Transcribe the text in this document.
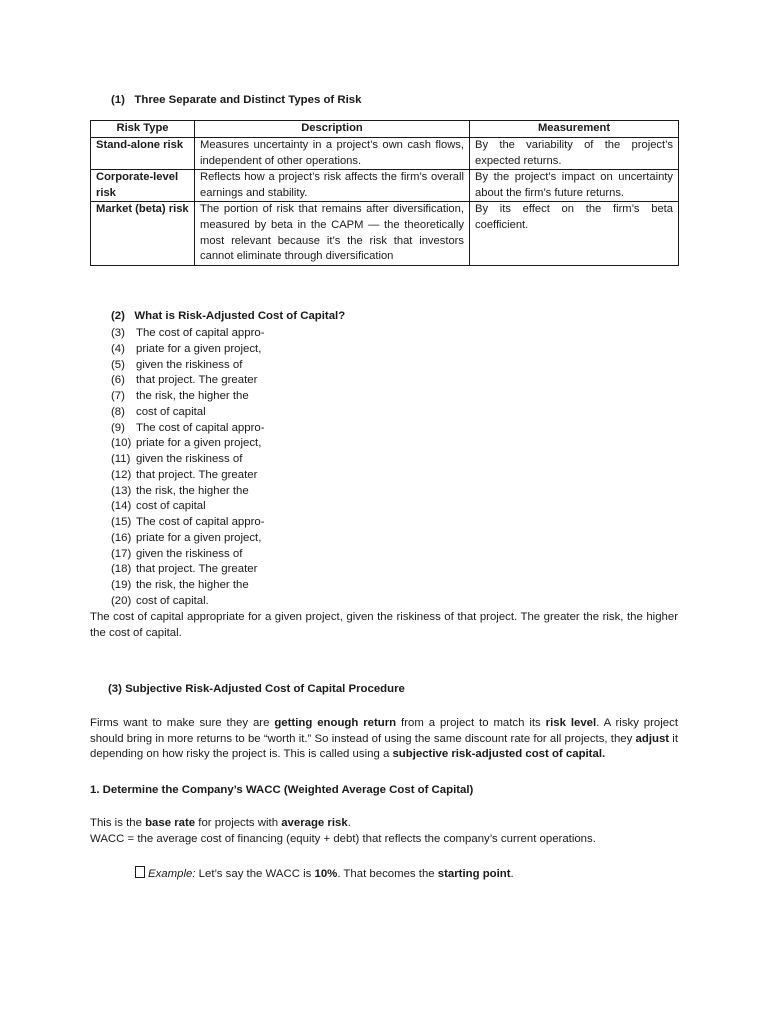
(1)   Three Separate and Distinct Types of Risk
Risk Type	Description	Measurement
Stand-alone risk	Measures uncertainty in a project’s own cash flows, independent of other operations.	By the variability of the project’s expected returns.
Corporate-level risk	Reflects how a project’s risk affects the firm’s overall earnings and stability.	By the project’s impact on uncertainty about the firm’s future returns.
Market (beta) risk	The portion of risk that remains after diversification, measured by beta in the CAPM — the theoretically most relevant because it’s the risk that investors cannot eliminate through diversification	By its effect on the firm’s beta coefficient.
(2)   What is Risk-Adjusted Cost of Capital?
(3) The cost of capital appro-
(4) priate for a given project,
(5) given the riskiness of
(6) that project. The greater
(7) the risk, the higher the
(8) cost of capital
(9) The cost of capital appro-
(10) priate for a given project,
(11) given the riskiness of
(12) that project. The greater
(13) the risk, the higher the
(14) cost of capital
(15) The cost of capital appro-
(16) priate for a given project,
(17) given the riskiness of
(18) that project. The greater
(19) the risk, the higher the
(20) cost of capital.
The cost of capital appropriate for a given project, given the riskiness of that project. The greater the risk, the higher the cost of capital.
(3) Subjective Risk-Adjusted Cost of Capital Procedure
Firms want to make sure they are getting enough return from a project to match its risk level. A risky project should bring in more returns to be “worth it.” So instead of using the same discount rate for all projects, they adjust it depending on how risky the project is. This is called using a subjective risk-adjusted cost of capital.
1. Determine the Company’s WACC (Weighted Average Cost of Capital)
This is the base rate for projects with average risk.
WACC = the average cost of financing (equity + debt) that reflects the company’s current operations.
Example: Let’s say the WACC is 10%. That becomes the starting point.
